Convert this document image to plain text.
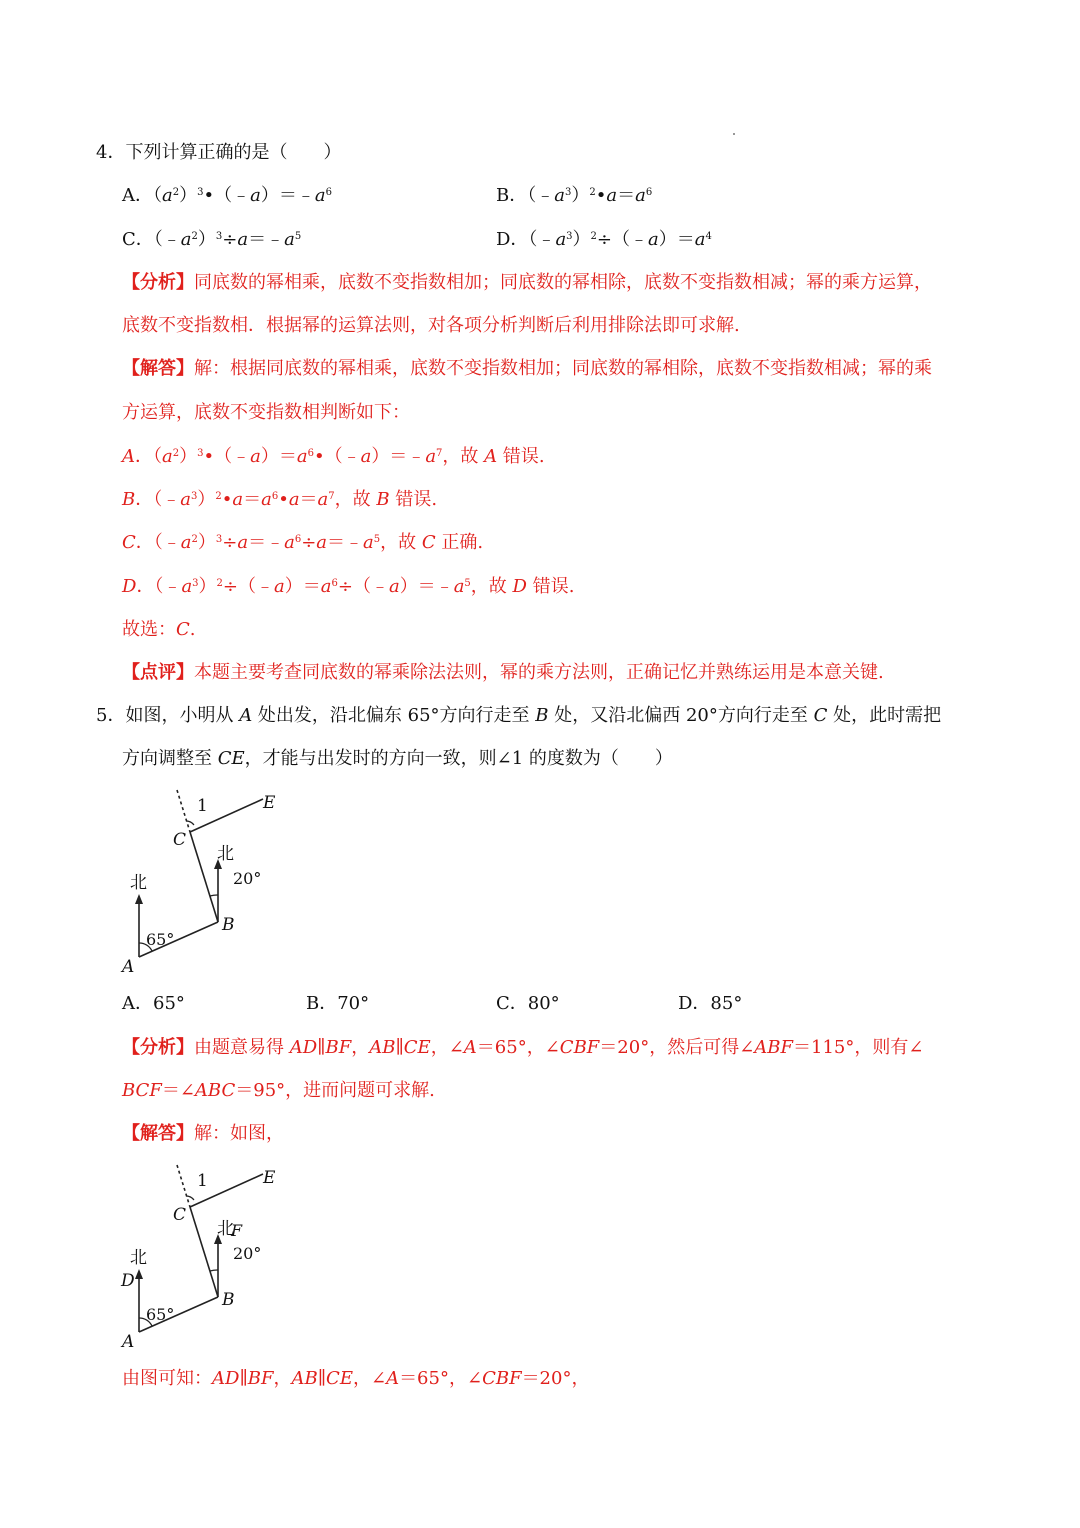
4．下列计算正确的是（　　）
A．$(a^2)^3•(﹣a)=﹣a^6$	B．$(﹣a^3)^2•a=a^6$
C．$(﹣a^2)^3\div a=﹣a^5$	D．$(﹣a^3)^2\div(﹣a)=a^4$
【分析】同底数的幂相乘，底数不变指数相加；同底数的幂相除，底数不变指数相减；幂的乘方运算，
底数不变指数相．根据幂的运算法则，对各项分析判断后利用排除法即可求解.
【解答】解：根据同底数的幂相乘，底数不变指数相加；同底数的幂相除，底数不变指数相减；幂的乘
方运算，底数不变指数相判断如下：
A．$(a^2)^3•(﹣a)=a^6•(﹣a)=﹣a^7$，故 A 错误.
B．$(﹣a^3)^2•a=a^6•a=a^7$，故 B 错误.
C．$(﹣a^2)^3\div a=﹣a^6\div a=﹣a^5$，故 C 正确.
D．$(﹣a^3)^2\div(﹣a)=a^6\div(﹣a)=﹣a^5$，故 D 错误.
故选：C.
【点评】本题主要考查同底数的幂乘除法法则，幂的乘方法则，正确记忆并熟练运用是本意关键.
5．如图，小明从 A 处出发，沿北偏东 65°方向行走至 B 处，又沿北偏西 20°方向行走至 C 处，此时需把
方向调整至 CE，才能与出发时的方向一致，则∠1 的度数为（　　）
1	E
C
北
20°
B
北
65°
A
A．65°	B．70°	C．80°	D．85°
【分析】由题意易得 AD∥BF，AB∥CE，∠A＝65°，∠CBF＝20°，然后可得∠ABF＝115°，则有∠
BCF＝∠ABC＝95°，进而问题可求解.
【解答】解：如图，
1	E
C
北
F
20°
B
北
D
65°
A
由图可知：AD∥BF，AB∥CE，∠A＝65°，∠CBF＝20°，
